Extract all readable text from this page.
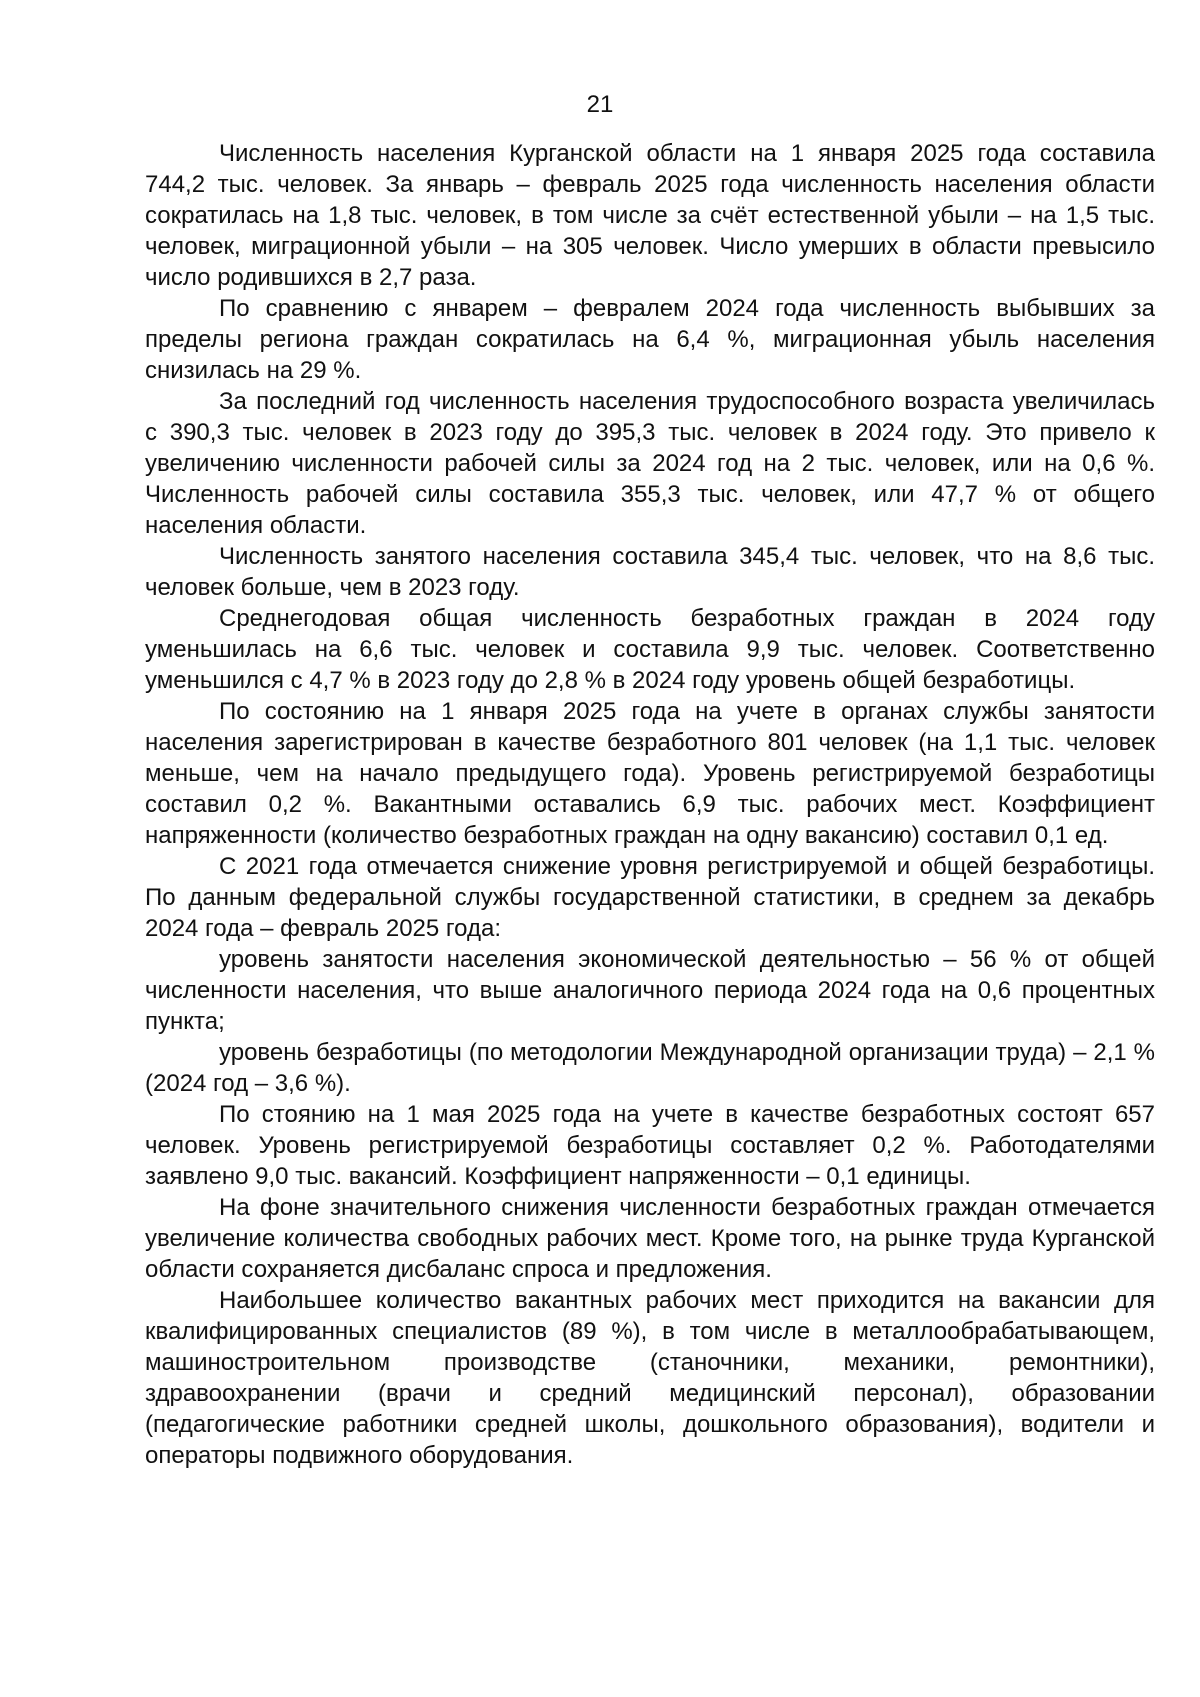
21

Численность населения Курганской области на 1 января 2025 года составила 744,2 тыс. человек. За январь – февраль 2025 года численность населения области сократилась на 1,8 тыс. человек, в том числе за счёт естественной убыли – на 1,5 тыс. человек, миграционной убыли – на 305 человек. Число умерших в области превысило число родившихся в 2,7 раза.

По сравнению с январем – февралем 2024 года численность выбывших за пределы региона граждан сократилась на 6,4 %, миграционная убыль населения снизилась на 29 %.

За последний год численность населения трудоспособного возраста увеличилась с 390,3 тыс. человек в 2023 году до 395,3 тыс. человек в 2024 году. Это привело к увеличению численности рабочей силы за 2024 год на 2 тыс. человек, или на 0,6 %. Численность рабочей силы составила 355,3 тыс. человек, или 47,7 % от общего населения области.

Численность занятого населения составила 345,4 тыс. человек, что на 8,6 тыс. человек больше, чем в 2023 году.

Среднегодовая общая численность безработных граждан в 2024 году уменьшилась на 6,6 тыс. человек и составила 9,9 тыс. человек. Соответственно уменьшился с 4,7 % в 2023 году до 2,8 % в 2024 году уровень общей безработицы.

По состоянию на 1 января 2025 года на учете в органах службы занятости населения зарегистрирован в качестве безработного 801 человек (на 1,1 тыс. человек меньше, чем на начало предыдущего года). Уровень регистрируемой безработицы составил 0,2 %. Вакантными оставались 6,9 тыс. рабочих мест. Коэффициент напряженности (количество безработных граждан на одну вакансию) составил 0,1 ед.

С 2021 года отмечается снижение уровня регистрируемой и общей безработицы. По данным федеральной службы государственной статистики, в среднем за декабрь 2024 года – февраль 2025 года:

уровень занятости населения экономической деятельностью – 56 % от общей численности населения, что выше аналогичного периода 2024 года на 0,6 процентных пункта;

уровень безработицы (по методологии Международной организации труда) – 2,1 % (2024 год – 3,6 %).

По стоянию на 1 мая 2025 года на учете в качестве безработных состоят 657 человек. Уровень регистрируемой безработицы составляет 0,2 %. Работодателями заявлено 9,0 тыс. вакансий. Коэффициент напряженности – 0,1 единицы.

На фоне значительного снижения численности безработных граждан отмечается увеличение количества свободных рабочих мест. Кроме того, на рынке труда Курганской области сохраняется дисбаланс спроса и предложения.

Наибольшее количество вакантных рабочих мест приходится на вакансии для квалифицированных специалистов (89 %), в том числе в металлообрабатывающем, машиностроительном производстве (станочники, механики, ремонтники), здравоохранении (врачи и средний медицинский персонал), образовании (педагогические работники средней школы, дошкольного образования), водители и операторы подвижного оборудования.
